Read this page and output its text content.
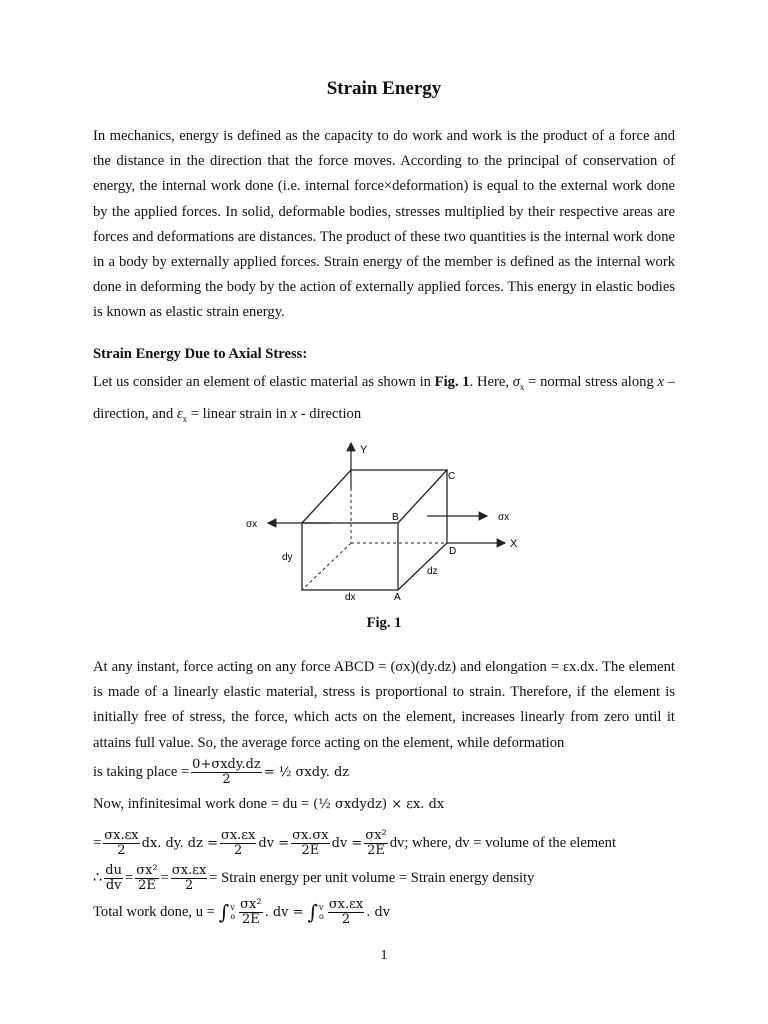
Strain Energy
In mechanics, energy is defined as the capacity to do work and work is the product of a force and the distance in the direction that the force moves. According to the principal of conservation of energy, the internal work done (i.e. internal force×deformation) is equal to the external work done by the applied forces. In solid, deformable bodies, stresses multiplied by their respective areas are forces and deformations are distances. The product of these two quantities is the internal work done in a body by externally applied forces. Strain energy of the member is defined as the internal work done in deforming the body by the action of externally applied forces. This energy in elastic bodies is known as elastic strain energy.
Strain Energy Due to Axial Stress:
Let us consider an element of elastic material as shown in Fig. 1. Here, $\sigma_x$ = normal stress along x – direction, and $\varepsilon_x$ = linear strain in x - direction
Y
X
σx
σx
C
B
D
A
dy
dx
dz
Fig. 1
At any instant, force acting on any force ABCD = (σx)(dy.dz) and elongation = εx.dx. The element is made of a linearly elastic material, stress is proportional to strain. Therefore, if the element is initially free of stress, the force, which acts on the element, increases linearly from zero until it attains full value. So, the average force acting on the element, while deformation
is taking place = $\frac{\text{0+σxdy.dz}}{2}$ = ½ σxdy. dz
Now, infinitesimal work done = du = (½ σxdydz) × εx. dx
= $\frac{\sigma x.\varepsilon x}{2}$ dx. dy. dz = $\frac{\sigma x.\varepsilon x}{2}$ dv = $\frac{\sigma x.\sigma x}{2E}$ dv = $\frac{\text{σx²}}{2E}$ dv; where, dv = volume of the element
∴ $\frac{du}{dv} = \frac{\text{σx²}}{2E} = \frac{\sigma x.\varepsilon x}{2}$ = Strain energy per unit volume = Strain energy density
Total work done, u = ∫ v
o $\frac{\text{σx²}}{2E}$ . dv = ∫ v
o $\frac{\sigma x.\varepsilon x}{2}$ . dv
1
